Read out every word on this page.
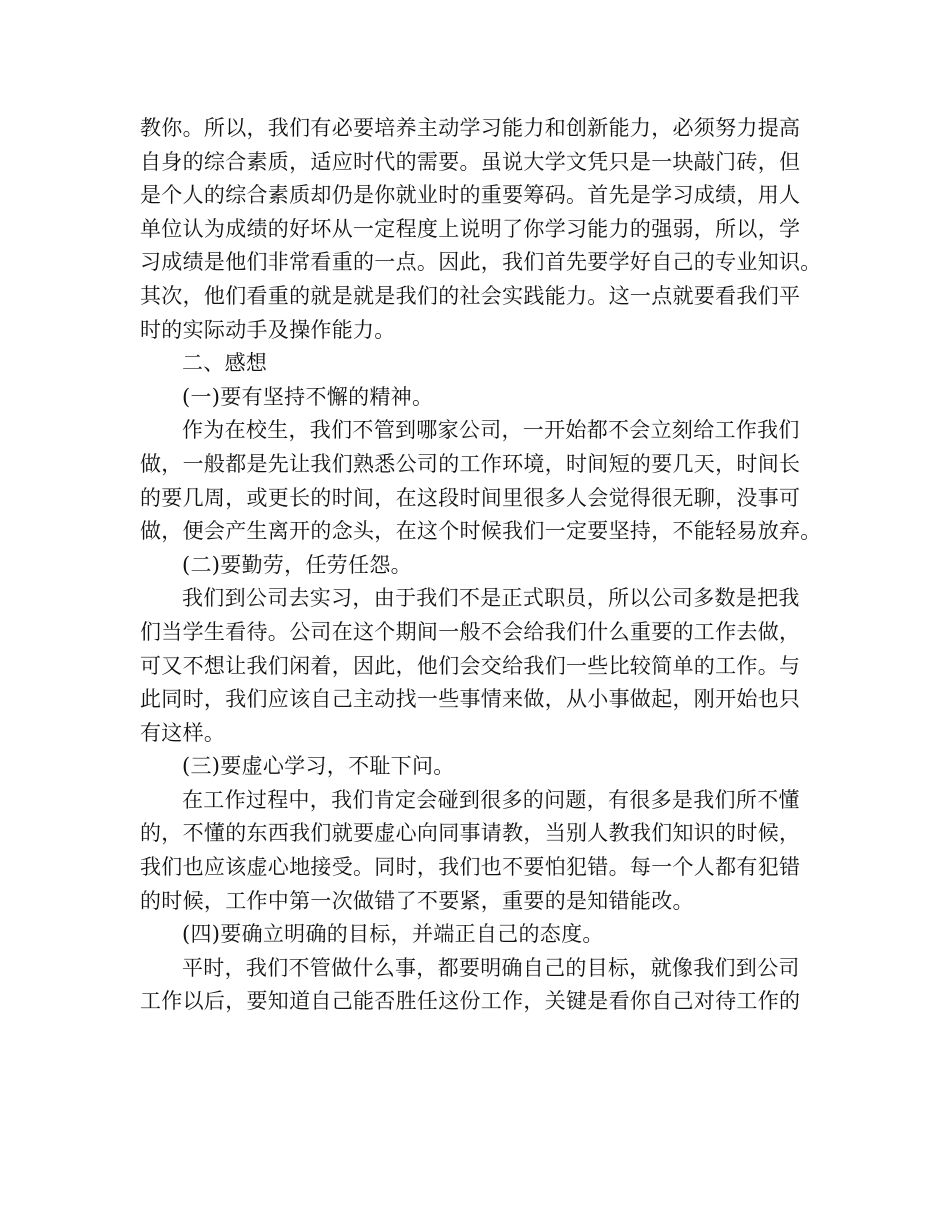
教你。所以，我们有必要培养主动学习能力和创新能力，必须努力提高
自身的综合素质，适应时代的需要。虽说大学文凭只是一块敲门砖，但
是个人的综合素质却仍是你就业时的重要筹码。首先是学习成绩，用人
单位认为成绩的好坏从一定程度上说明了你学习能力的强弱，所以，学
习成绩是他们非常看重的一点。因此，我们首先要学好自己的专业知识。
其次，他们看重的就是就是我们的社会实践能力。这一点就要看我们平
时的实际动手及操作能力。
二、感想
(一)要有坚持不懈的精神。
作为在校生，我们不管到哪家公司，一开始都不会立刻给工作我们
做，一般都是先让我们熟悉公司的工作环境，时间短的要几天，时间长
的要几周，或更长的时间，在这段时间里很多人会觉得很无聊，没事可
做，便会产生离开的念头，在这个时候我们一定要坚持，不能轻易放弃。
(二)要勤劳，任劳任怨。
我们到公司去实习，由于我们不是正式职员，所以公司多数是把我
们当学生看待。公司在这个期间一般不会给我们什么重要的工作去做，
可又不想让我们闲着，因此，他们会交给我们一些比较简单的工作。与
此同时，我们应该自己主动找一些事情来做，从小事做起，刚开始也只
有这样。
(三)要虚心学习，不耻下问。
在工作过程中，我们肯定会碰到很多的问题，有很多是我们所不懂
的，不懂的东西我们就要虚心向同事请教，当别人教我们知识的时候，
我们也应该虚心地接受。同时，我们也不要怕犯错。每一个人都有犯错
的时候，工作中第一次做错了不要紧，重要的是知错能改。
(四)要确立明确的目标，并端正自己的态度。
平时，我们不管做什么事，都要明确自己的目标，就像我们到公司
工作以后，要知道自己能否胜任这份工作，关键是看你自己对待工作的
